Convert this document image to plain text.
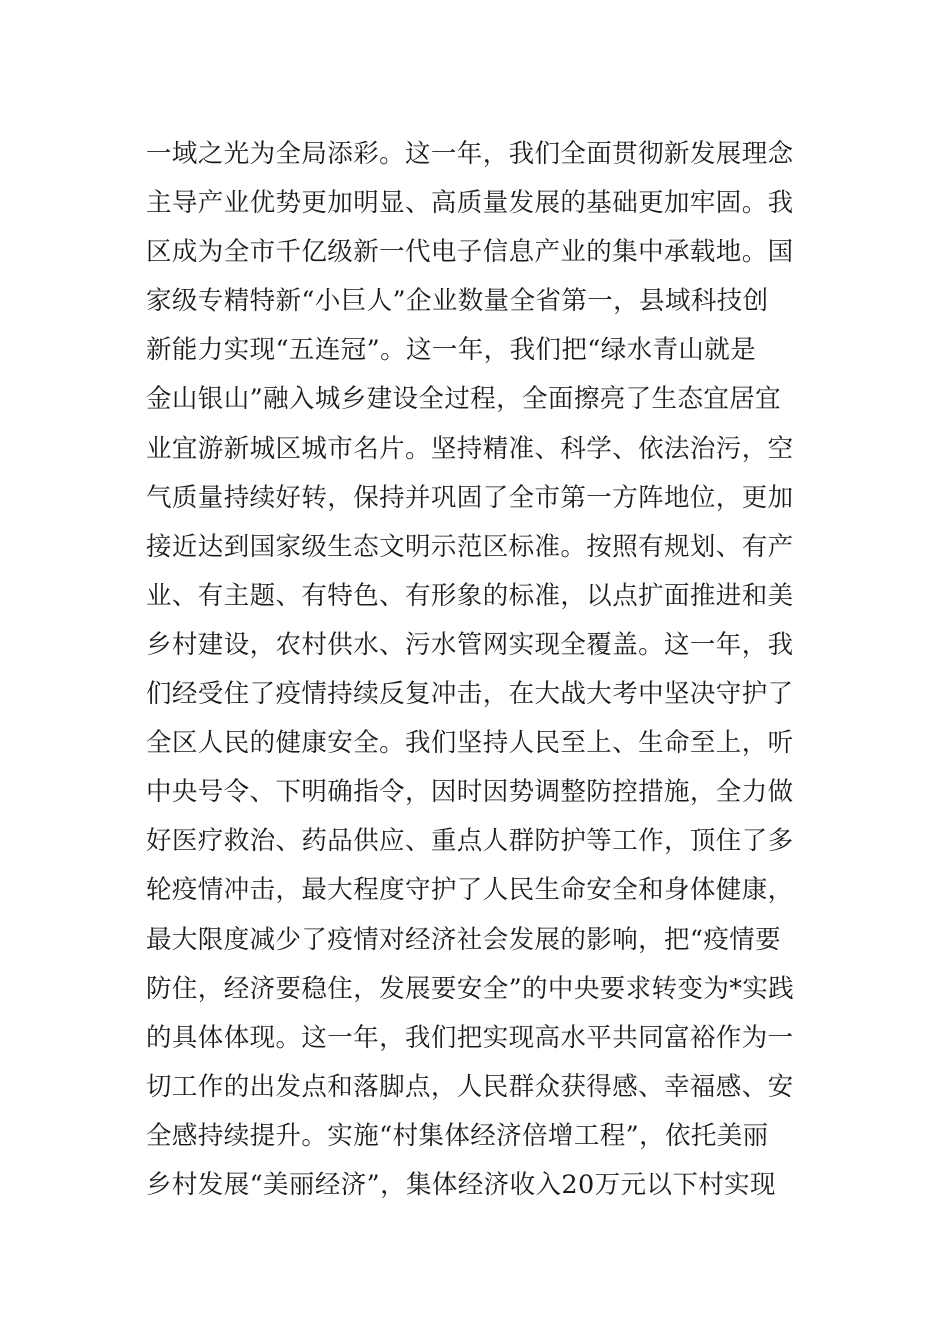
一域之光为全局添彩。这一年，我们全面贯彻新发展理念
主导产业优势更加明显、高质量发展的基础更加牢固。我
区成为全市千亿级新一代电子信息产业的集中承载地。国
家级专精特新“小巨人”企业数量全省第一，县域科技创
新能力实现“五连冠”。这一年，我们把“绿水青山就是
金山银山”融入城乡建设全过程，全面擦亮了生态宜居宜
业宜游新城区城市名片。坚持精准、科学、依法治污，空
气质量持续好转，保持并巩固了全市第一方阵地位，更加
接近达到国家级生态文明示范区标准。按照有规划、有产
业、有主题、有特色、有形象的标准，以点扩面推进和美
乡村建设，农村供水、污水管网实现全覆盖。这一年，我
们经受住了疫情持续反复冲击，在大战大考中坚决守护了
全区人民的健康安全。我们坚持人民至上、生命至上，听
中央号令、下明确指令，因时因势调整防控措施，全力做
好医疗救治、药品供应、重点人群防护等工作，顶住了多
轮疫情冲击，最大程度守护了人民生命安全和身体健康，
最大限度减少了疫情对经济社会发展的影响，把“疫情要
防住，经济要稳住，发展要安全”的中央要求转变为*实践
的具体体现。这一年，我们把实现高水平共同富裕作为一
切工作的出发点和落脚点，人民群众获得感、幸福感、安
全感持续提升。实施“村集体经济倍增工程”，依托美丽
乡村发展“美丽经济”，集体经济收入20万元以下村实现
